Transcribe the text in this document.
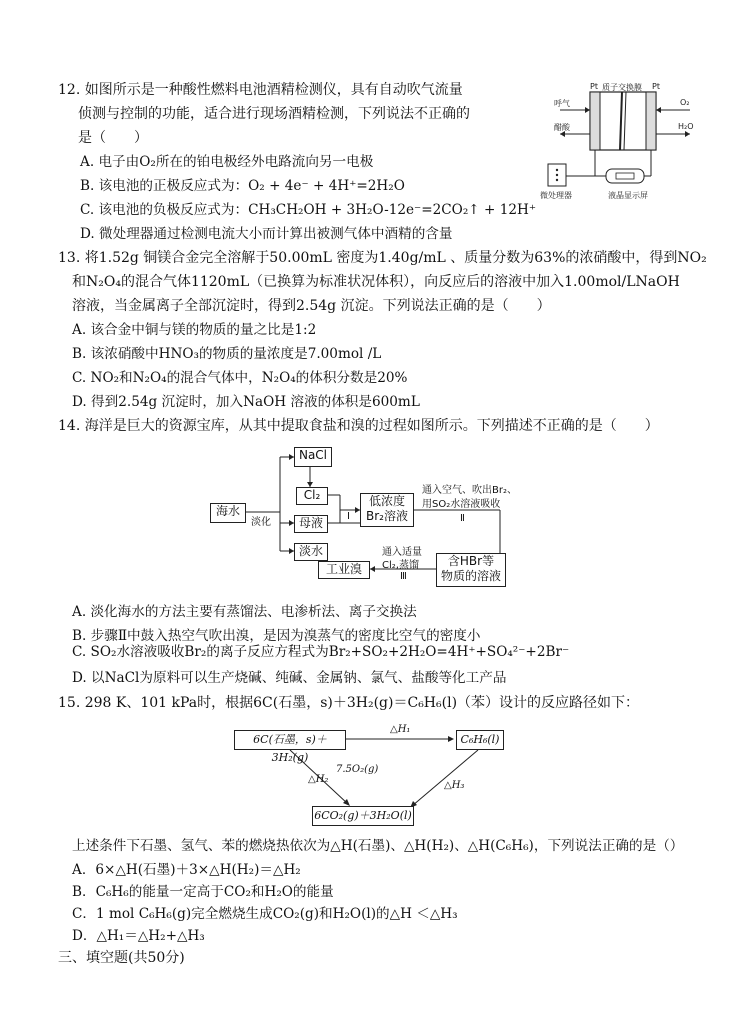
12. 如图所示是一种酸性燃料电池酒精检测仪，具有自动吹气流量
侦测与控制的功能，适合进行现场酒精检测，下列说法不正确的
是（　　）
A. 电子由O₂所在的铂电极经外电路流向另一电极
B. 该电池的正极反应式为：O₂ + 4e⁻ + 4H⁺=2H₂O
C. 该电池的负极反应式为：CH₃CH₂OH + 3H₂O-12e⁻=2CO₂↑ + 12H⁺
D. 微处理器通过检测电流大小而计算出被测气体中酒精的含量
Pt 质子交换膜 Pt
呼气
醋酸
O₂
H₂O
微处理器	液晶显示屏
13. 将1.52g 铜镁合金完全溶解于50.00mL 密度为1.40g/mL 、质量分数为63%的浓硝酸中，得到NO₂
和N₂O₄的混合气体1120mL（已换算为标准状况体积），向反应后的溶液中加入1.00mol/LNaOH
溶液，当金属离子全部沉淀时，得到2.54g 沉淀。下列说法正确的是（　　）
A. 该合金中铜与镁的物质的量之比是1:2
B. 该浓硝酸中HNO₃的物质的量浓度是7.00mol /L
C. NO₂和N₂O₄的混合气体中，N₂O₄的体积分数是20%
D. 得到2.54g 沉淀时，加入NaOH 溶液的体积是600mL
14. 海洋是巨大的资源宝库，从其中提取食盐和溴的过程如图所示。下列描述不正确的是（　　）
海水
淡化
NaCl
Cl₂
母液
淡水
Ⅰ
低浓度
Br₂溶液
通入空气、吹出Br₂、
用SO₂水溶液吸收
Ⅱ
含HBr等
物质的溶液
通入适量
Cl₂,蒸馏
Ⅲ
工业溴
A. 淡化海水的方法主要有蒸馏法、电渗析法、离子交换法
B. 步骤Ⅱ中鼓入热空气吹出溴，是因为溴蒸气的密度比空气的密度小
C. SO₂水溶液吸收Br₂的离子反应方程式为Br₂+SO₂+2H₂O=4H⁺+SO₄²⁻+2Br⁻
D. 以NaCl为原料可以生产烧碱、纯碱、金属钠、氯气、盐酸等化工产品
15. 298 K、101 kPa时，根据6C(石墨，s)＋3H₂(g)＝C₆H₆(l)（苯）设计的反应路径如下：
6C(石墨，s)＋3H₂(g)
C₆H₆(l)
6CO₂(g)＋3H₂O(l)
△H₁
△H₂
7.5O₂(g)
△H₃
上述条件下石墨、氢气、苯的燃烧热依次为△H(石墨)、△H(H₂)、△H(C₆H₆)，下列说法正确的是（）
A．6×△H(石墨)＋3×△H(H₂)＝△H₂
B．C₆H₆的能量一定高于CO₂和H₂O的能量
C．1 mol C₆H₆(g)完全燃烧生成CO₂(g)和H₂O(l)的△H ＜△H₃
D．△H₁＝△H₂+△H₃
三、填空题(共50分)
